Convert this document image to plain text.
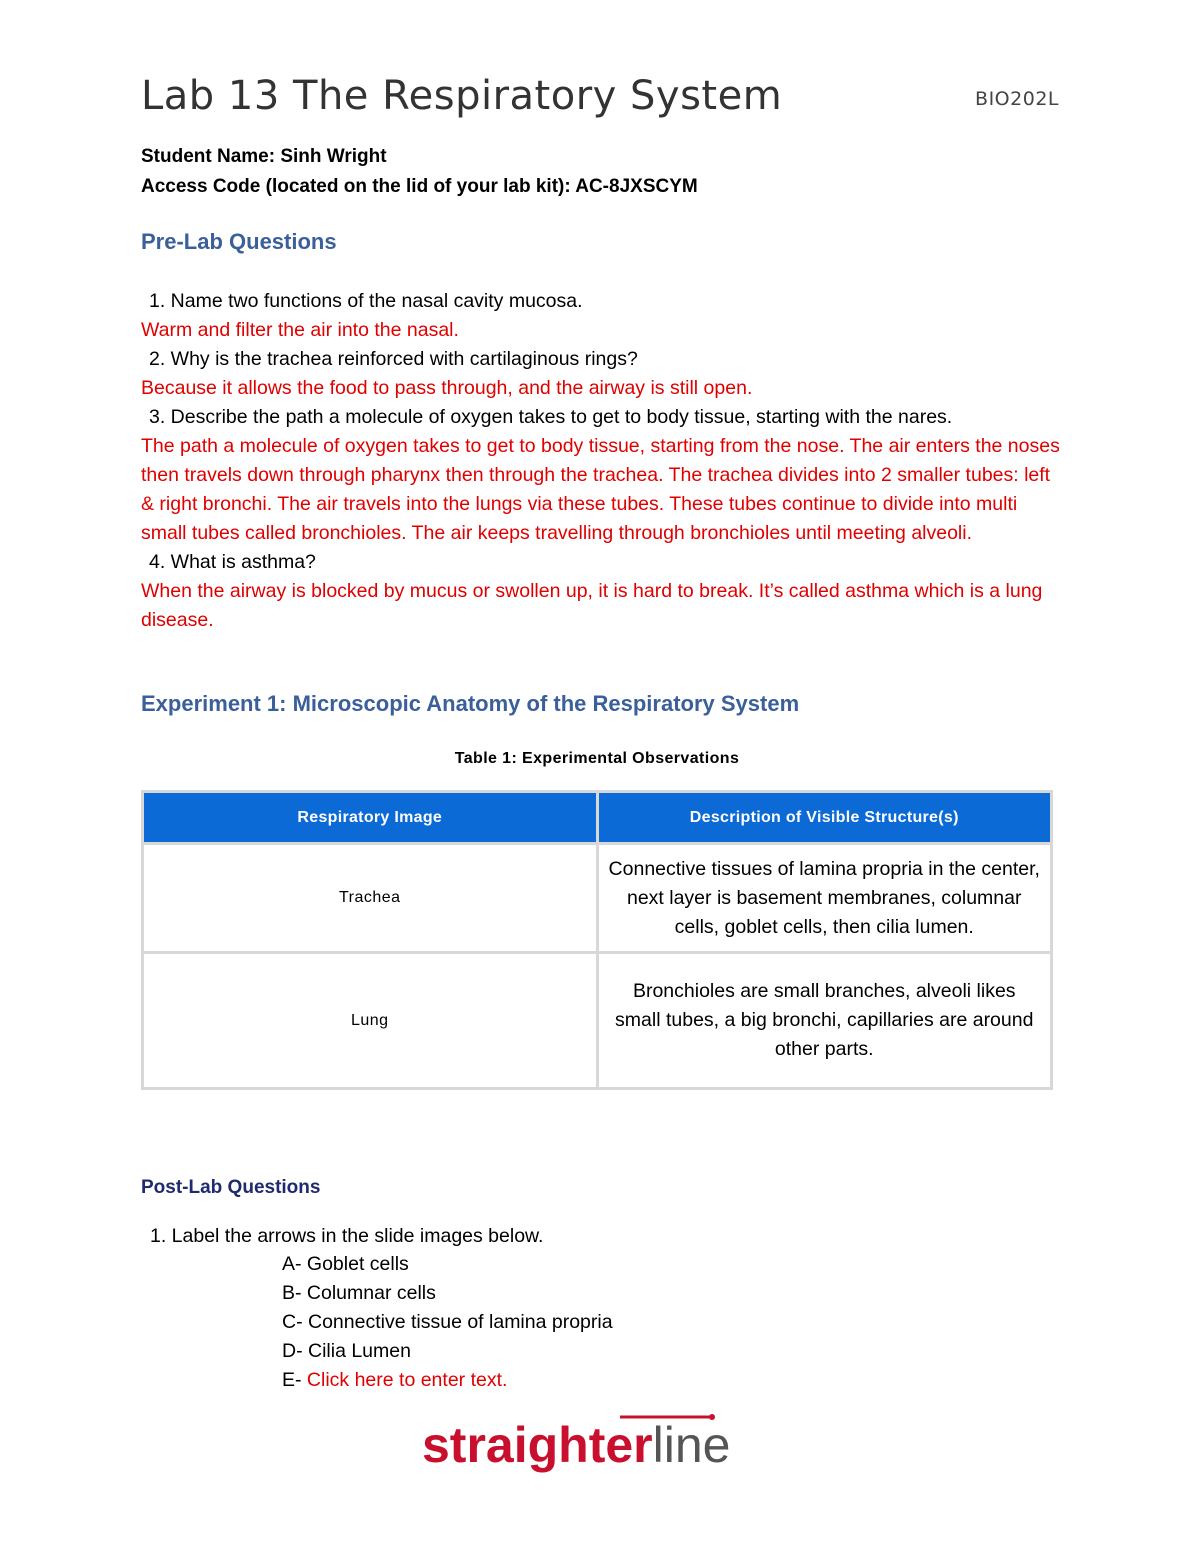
Lab 13 The Respiratory System	BIO202L
Student Name: Sinh Wright
Access Code (located on the lid of your lab kit): AC-8JXSCYM
Pre-Lab Questions
1. Name two functions of the nasal cavity mucosa.
Warm and filter the air into the nasal.
2. Why is the trachea reinforced with cartilaginous rings?
Because it allows the food to pass through, and the airway is still open.
3. Describe the path a molecule of oxygen takes to get to body tissue, starting with the nares.
The path a molecule of oxygen takes to get to body tissue, starting from the nose. The air enters the noses then travels down through pharynx then through the trachea. The trachea divides into 2 smaller tubes: left & right bronchi. The air travels into the lungs via these tubes. These tubes continue to divide into multi small tubes called bronchioles. The air keeps travelling through bronchioles until meeting alveoli.
4. What is asthma?
When the airway is blocked by mucus or swollen up, it is hard to break. It’s called asthma which is a lung disease.
Experiment 1: Microscopic Anatomy of the Respiratory System
Table 1: Experimental Observations
Respiratory Image	Description of Visible Structure(s)
Trachea	Connective tissues of lamina propria in the center, next layer is basement membranes, columnar cells, goblet cells, then cilia lumen.
Lung	Bronchioles are small branches, alveoli likes small tubes, a big bronchi, capillaries are around other parts.
Post-Lab Questions
1. Label the arrows in the slide images below.
A- Goblet cells
B- Columnar cells
C- Connective tissue of lamina propria
D- Cilia Lumen
E- Click here to enter text.
straighterline
